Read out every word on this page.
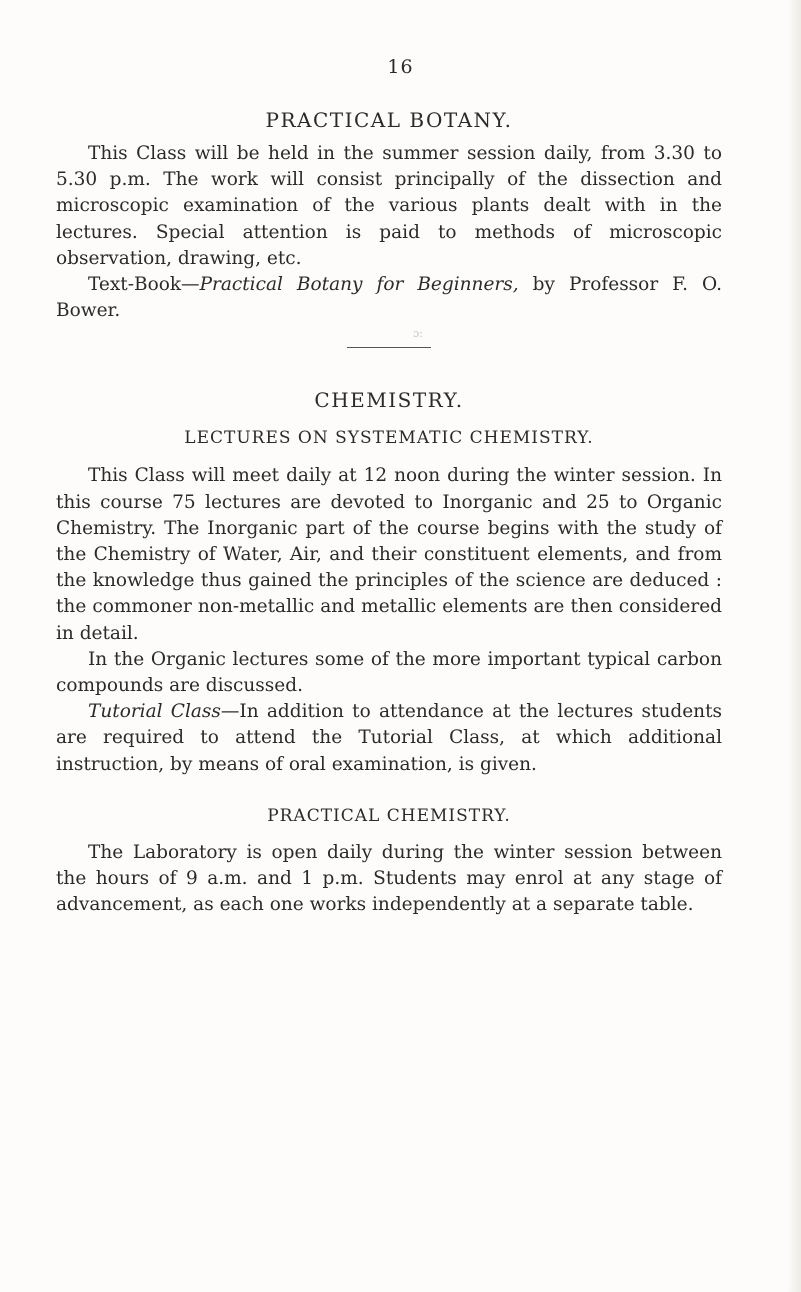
16
ɔ:
PRACTICAL BOTANY.

This Class will be held in the summer session daily, from 3.30 to 5.30 p.m. The work will consist principally of the dissection and microscopic examination of the various plants dealt with in the lectures. Special attention is paid to methods of microscopic observation, drawing, etc.

Text-Book—Practical Botany for Beginners, by Professor F. O. Bower.

CHEMISTRY.
LECTURES ON SYSTEMATIC CHEMISTRY.

This Class will meet daily at 12 noon during the winter session. In this course 75 lectures are devoted to Inorganic and 25 to Organic Chemistry. The Inorganic part of the course begins with the study of the Chemistry of Water, Air, and their constituent elements, and from the knowledge thus gained the principles of the science are deduced : the commoner non-metallic and metallic elements are then considered in detail.

In the Organic lectures some of the more important typical carbon compounds are discussed.

Tutorial Class—In addition to attendance at the lectures students are required to attend the Tutorial Class, at which additional instruction, by means of oral examination, is given.

PRACTICAL CHEMISTRY.

The Laboratory is open daily during the winter session between the hours of 9 a.m. and 1 p.m. Students may enrol at any stage of advancement, as each one works independently at a separate table.
